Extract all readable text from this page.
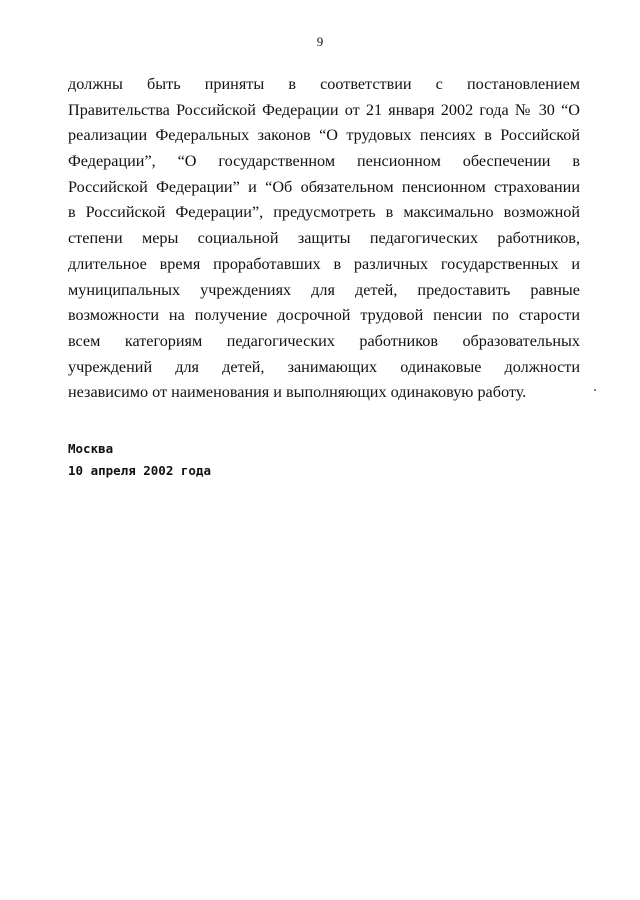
9
должны быть приняты в соответствии с постановлением
Правительства Российской Федерации от 21 января 2002 года № 30 “О
реализации Федеральных законов “О трудовых пенсиях в Российской
Федерации”, “О государственном пенсионном обеспечении в
Российской Федерации” и “Об обязательном пенсионном страховании
в Российской Федерации”, предусмотреть в максимально возможной
степени меры социальной защиты педагогических работников,
длительное время проработавших в различных государственных и
муниципальных учреждениях для детей, предоставить равные
возможности на получение досрочной трудовой пенсии по старости
всем категориям педагогических работников образовательных
учреждений для детей, занимающих одинаковые должности
независимо от наименования и выполняющих одинаковую работу.
Москва
10 апреля 2002 года
